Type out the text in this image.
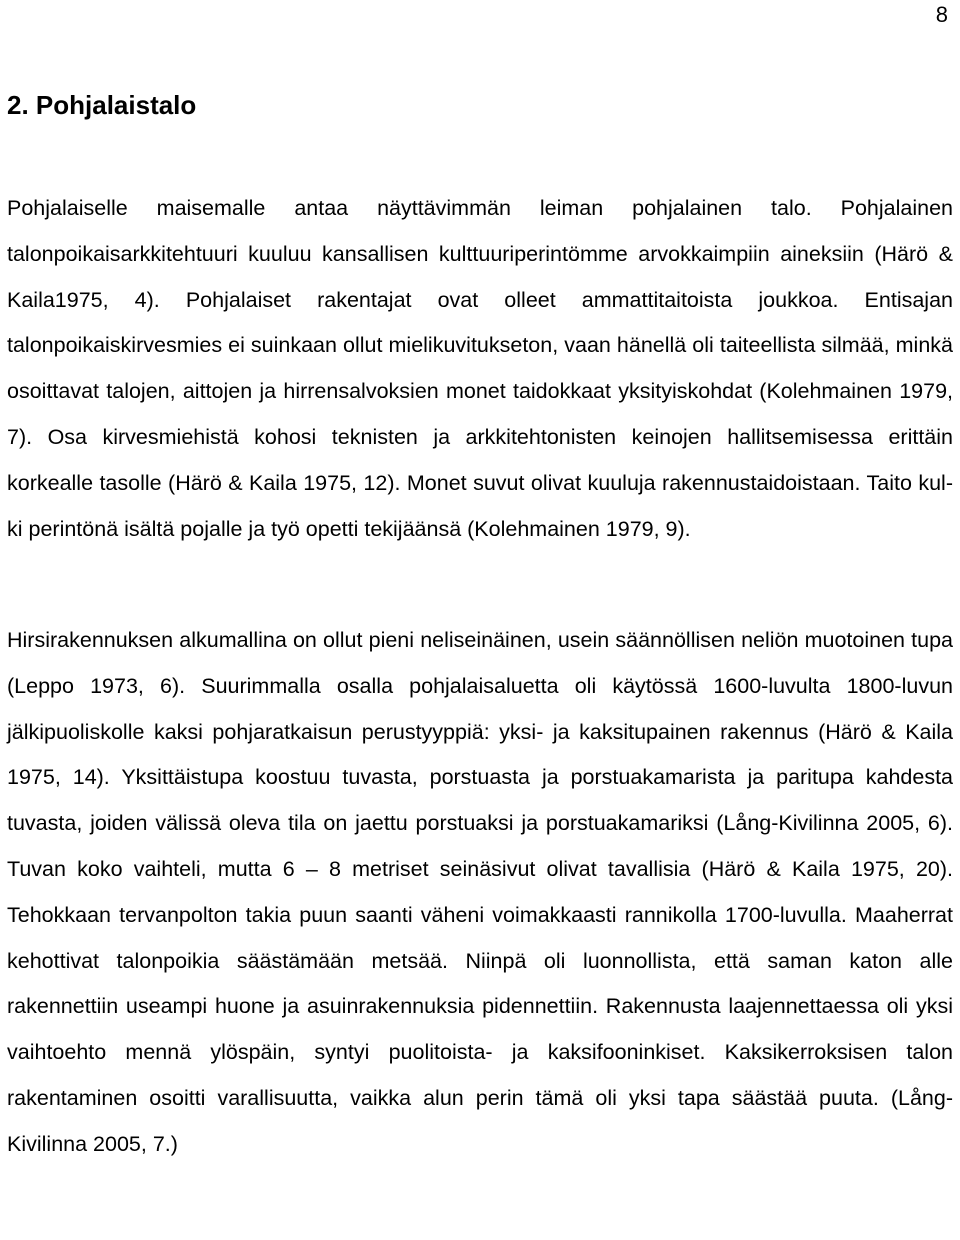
8
2. Pohjalaistalo

Pohjalaiselle maisemalle antaa näyttävimmän leiman pohjalainen talo. Pohjalainen talonpoikaisarkkitehtuuri kuuluu kansallisen kulttuuriperintömme arvokkaimpiin aineksiin (Härö & Kaila1975, 4). Pohjalaiset rakentajat ovat olleet ammattitaitoista joukkoa. Entisajan talonpoikaiskirvesmies ei suinkaan ollut mielikuvitukseton, vaan hänellä oli taiteellista silmää, minkä osoittavat talojen, aittojen ja hirrensalvoksien monet taidokkaat yksityiskohdat (Kolehmainen 1979, 7). Osa kirvesmiehistä kohosi teknisten ja arkkitehtonisten keinojen hallitsemisessa erittäin korkealle tasolle (Härö & Kaila 1975, 12). Monet suvut olivat kuuluja rakennustaidoistaan. Taito kulki perintönä isältä pojalle ja työ opetti tekijäänsä (Kolehmainen 1979, 9).

Hirsirakennuksen alkumallina on ollut pieni neliseinäinen, usein säännöllisen neliön muotoinen tupa (Leppo 1973, 6). Suurimmalla osalla pohjalaisaluetta oli käytössä 1600-luvulta 1800-luvun jälkipuoliskolle kaksi pohjaratkaisun perustyyppiä: yksi- ja kaksitupainen rakennus (Härö & Kaila 1975, 14). Yksittäistupa koostuu tuvasta, porstuasta ja porstuakamarista ja paritupa kahdesta tuvasta, joiden välissä oleva tila on jaettu porstuaksi ja porstuakamariksi (Lång-Kivilinna 2005, 6). Tuvan koko vaihteli, mutta 6 – 8 metriset seinäsivut olivat tavallisia (Härö & Kaila 1975, 20). Tehokkaan tervanpolton takia puun saanti väheni voimakkaasti rannikolla 1700-luvulla. Maaherrat kehottivat talonpoikia säästämään metsää. Niinpä oli luonnollista, että saman katon alle rakennettiin useampi huone ja asuinrakennuksia pidennettiin. Rakennusta laajennettaessa oli yksi vaihtoehto mennä ylöspäin, syntyi puolitoista- ja kaksifooninkiset. Kaksikerroksisen talon rakentaminen osoitti varallisuutta, vaikka alun perin tämä oli yksi tapa säästää puuta. (Lång-Kivilinna 2005, 7.)
